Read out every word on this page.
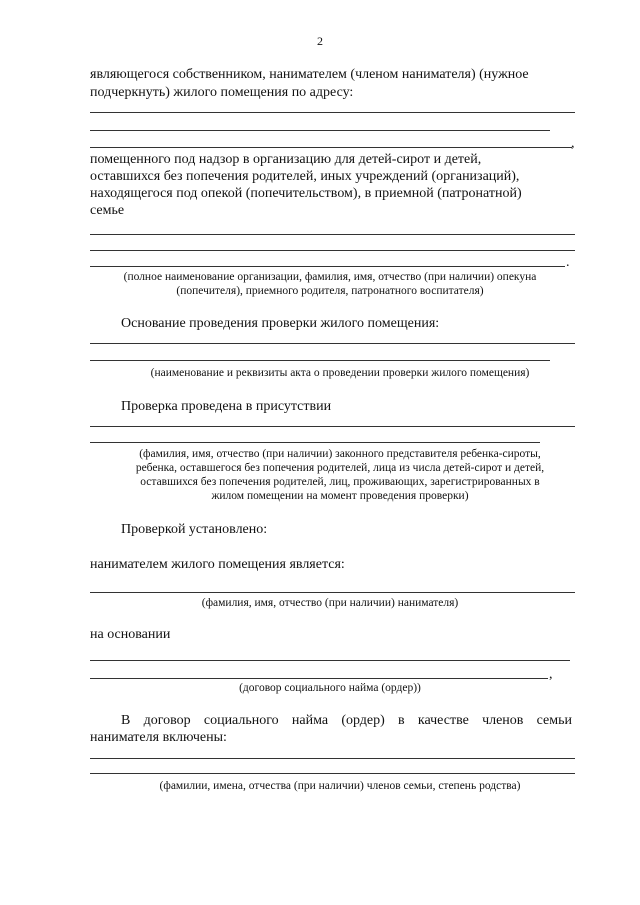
2
являющегося собственником, нанимателем (членом нанимателя) (нужное
подчеркнуть) жилого помещения по адресу:
,
помещенного под надзор в организацию для детей-сирот и детей,
оставшихся без попечения родителей, иных учреждений (организаций),
находящегося под опекой (попечительством), в приемной (патронатной)
семье
.
(полное наименование организации, фамилия, имя, отчество (при наличии) опекуна
(попечителя), приемного родителя, патронатного воспитателя)
Основание проведения проверки жилого помещения:
(наименование и реквизиты акта о проведении проверки жилого помещения)
Проверка проведена в присутствии
(фамилия, имя, отчество (при наличии) законного представителя ребенка-сироты,
ребенка, оставшегося без попечения родителей, лица из числа детей-сирот и детей,
оставшихся без попечения родителей, лиц, проживающих, зарегистрированных в
жилом помещении на момент проведения проверки)
Проверкой установлено:
нанимателем жилого помещения является:
(фамилия, имя, отчество (при наличии) нанимателя)
на основании
,
(договор социального найма (ордер))
В договор социального найма (ордер) в качестве членов семьи
нанимателя включены:
(фамилии, имена, отчества (при наличии) членов семьи, степень родства)
